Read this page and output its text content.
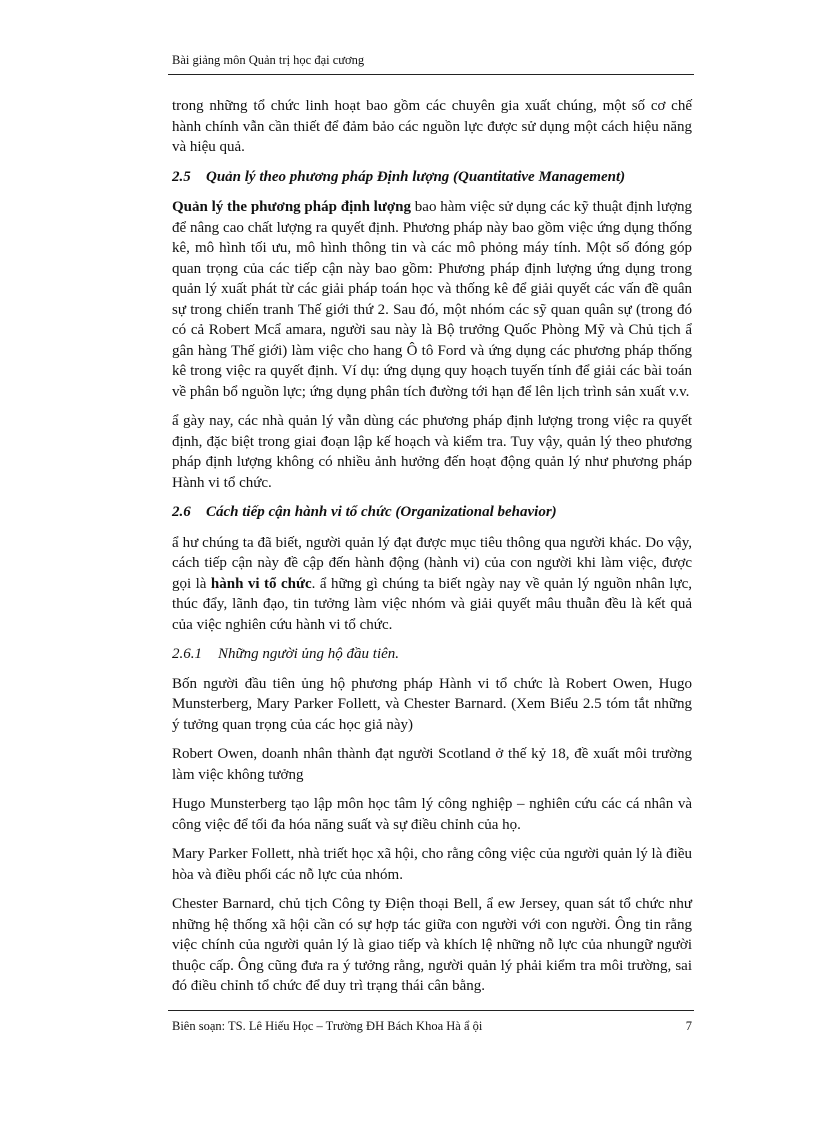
Bài giảng môn Quản trị học đại cương

trong những tổ chức linh hoạt bao gồm các chuyên gia xuất chúng, một số cơ chế hành chính vẫn cần thiết để đảm bảo các nguồn lực được sử dụng một cách hiệu năng và hiệu quả.

2.5 Quản lý theo phương pháp Định lượng (Quantitative Management)

Quản lý the phương pháp định lượng bao hàm việc sử dụng các kỹ thuật định lượng để nâng cao chất lượng ra quyết định. Phương pháp này bao gồm việc ứng dụng thống kê, mô hình tối ưu, mô hình thông tin và các mô phỏng máy tính. Một số đóng góp quan trọng của các tiếp cận này bao gồm: Phương pháp định lượng ứng dụng trong quản lý xuất phát từ các giải pháp toán học và thống kê để giải quyết các vấn đề quân sự trong chiến tranh Thế giới thứ 2. Sau đó, một nhóm các sỹ quan quân sự (trong đó có cả Robert Mcẩ amara, người sau này là Bộ trưởng Quốc Phòng Mỹ và Chủ tịch ẩ gân hàng Thế giới) làm việc cho hang Ô tô Ford và ứng dụng các phương pháp thống kê trong việc ra quyết định. Ví dụ: ứng dụng quy hoạch tuyến tính để giải các bài toán về phân bổ nguồn lực; ứng dụng phân tích đường tới hạn để lên lịch trình sản xuất v.v.

ẩ gày nay, các nhà quản lý vẫn dùng các phương pháp định lượng trong việc ra quyết định, đặc biệt trong giai đoạn lập kế hoạch và kiểm tra. Tuy vậy, quản lý theo phương pháp định lượng không có nhiều ảnh hưởng đến hoạt động quản lý như phương pháp Hành vi tổ chức.

2.6 Cách tiếp cận hành vi tổ chức (Organizational behavior)

ẩ hư chúng ta đã biết, người quản lý đạt được mục tiêu thông qua người khác. Do vậy, cách tiếp cận này đề cập đến hành động (hành vi) của con người khi làm việc, được gọi là hành vi tổ chức. ẩ hững gì chúng ta biết ngày nay về quản lý nguồn nhân lực, thúc đẩy, lãnh đạo, tin tưởng làm việc nhóm và giải quyết mâu thuẫn đều là kết quả của việc nghiên cứu hành vi tổ chức.

2.6.1 Những người ủng hộ đầu tiên.

Bốn người đầu tiên ủng hộ phương pháp Hành vi tổ chức là Robert Owen, Hugo Munsterberg, Mary Parker Follett, và Chester Barnard. (Xem Biểu 2.5 tóm tắt những ý tưởng quan trọng của các học giả này)

Robert Owen, doanh nhân thành đạt người Scotland ở thế kỷ 18, đề xuất môi trường làm việc không tưởng

Hugo Munsterberg tạo lập môn học tâm lý công nghiệp – nghiên cứu các cá nhân và công việc để tối đa hóa năng suất và sự điều chỉnh của họ.

Mary Parker Follett, nhà triết học xã hội, cho rằng công việc của người quản lý là điều hòa và điều phối các nỗ lực của nhóm.

Chester Barnard, chủ tịch Công ty Điện thoại Bell, ẩ ew Jersey, quan sát tổ chức như những hệ thống xã hội cần có sự hợp tác giữa con người với con người. Ông tin rằng việc chính của người quản lý là giao tiếp và khích lệ những nỗ lực của nhungữ người thuộc cấp. Ông cũng đưa ra ý tưởng rằng, người quản lý phải kiểm tra môi trường, sai đó điều chỉnh tổ chức để duy trì trạng thái cân bằng.

Biên soạn: TS. Lê Hiếu Học – Trường ĐH Bách Khoa Hà ẩ ội	7
